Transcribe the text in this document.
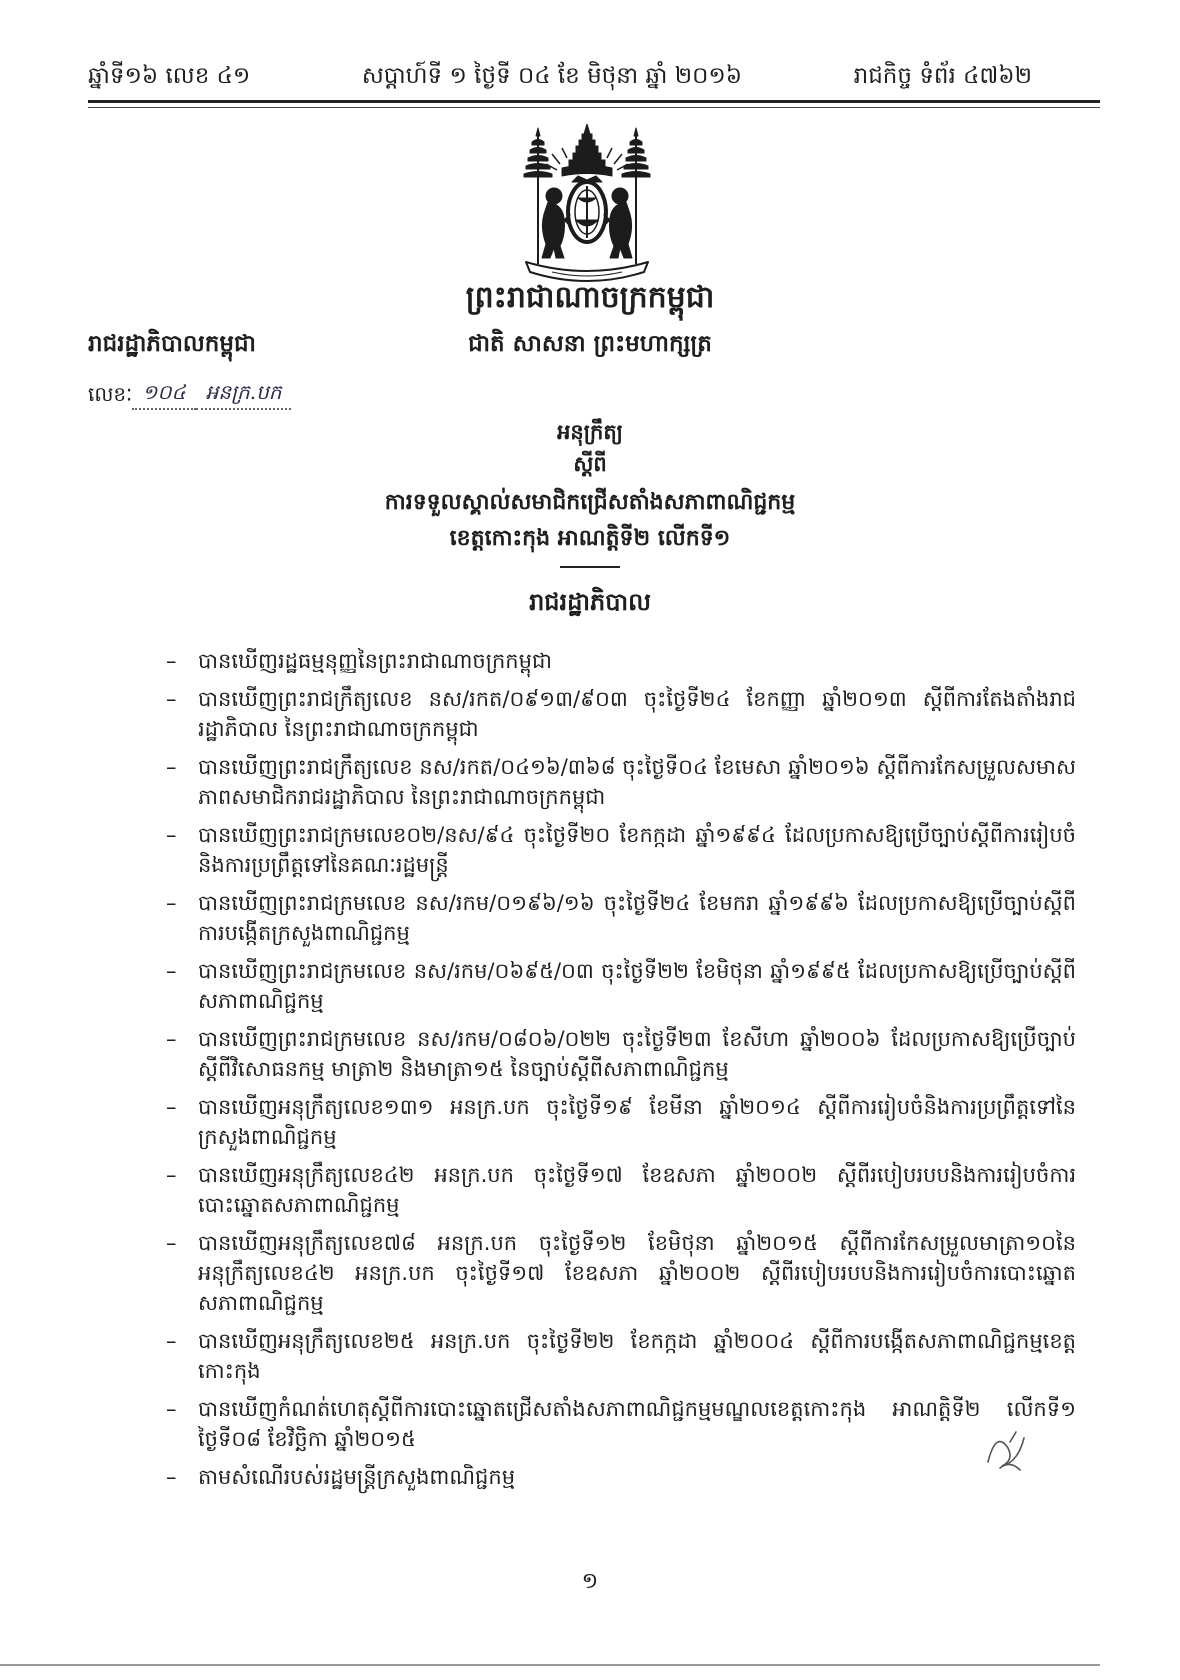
ឆ្នាំទី១៦ លេខ ៤១	សប្តាហ៍ទី ១ ថ្ងៃទី ០៤ ខែ មិថុនា ឆ្នាំ ២០១៦	រាជកិច្ច ទំព័រ ៤៧៦២
ព្រះរាជាណាចក្រកម្ពុជា
ជាតិ សាសនា ព្រះមហាក្សត្រ
រាជរដ្ឋាភិបាលកម្ពុជា
លេខៈ ១០៤	អនក្រ.បក
អនុក្រឹត្យ
ស្តីពី
ការទទួលស្គាល់សមាជិកជ្រើសតាំងសភាពាណិជ្ជកម្ម
ខេត្តកោះកុង អាណត្តិទី២ លើកទី១
រាជរដ្ឋាភិបាល
–	បានឃើញរដ្ឋធម្មនុញ្ញនៃព្រះរាជាណាចក្រកម្ពុជា
–	បានឃើញព្រះរាជក្រឹត្យលេខ នស/រកត/០៩១៣/៩០៣ ចុះថ្ងៃទី២៤ ខែកញ្ញា ឆ្នាំ២០១៣ ស្តីពីការតែងតាំងរាជរដ្ឋាភិបាល នៃព្រះរាជាណាចក្រកម្ពុជា
–	បានឃើញព្រះរាជក្រឹត្យលេខ នស/រកត/០៤១៦/៣៦៨ ចុះថ្ងៃទី០៤ ខែមេសា ឆ្នាំ២០១៦ ស្តីពីការកែសម្រួលសមាសភាពសមាជិករាជរដ្ឋាភិបាល នៃព្រះរាជាណាចក្រកម្ពុជា
–	បានឃើញព្រះរាជក្រមលេខ០២/នស/៩៤ ចុះថ្ងៃទី២០ ខែកក្កដា ឆ្នាំ១៩៩៤ ដែលប្រកាសឱ្យប្រើច្បាប់ស្តីពីការរៀបចំ និងការប្រព្រឹត្តទៅនៃគណៈរដ្ឋមន្ត្រី
–	បានឃើញព្រះរាជក្រមលេខ នស/រកម/០១៩៦/១៦ ចុះថ្ងៃទី២៤ ខែមករា ឆ្នាំ១៩៩៦ ដែលប្រកាសឱ្យប្រើច្បាប់ស្តីពីការបង្កើតក្រសួងពាណិជ្ជកម្ម
–	បានឃើញព្រះរាជក្រមលេខ នស/រកម/០៦៩៥/០៣ ចុះថ្ងៃទី២២ ខែមិថុនា ឆ្នាំ១៩៩៥ ដែលប្រកាសឱ្យប្រើច្បាប់ស្តីពីសភាពាណិជ្ជកម្ម
–	បានឃើញព្រះរាជក្រមលេខ នស/រកម/០៨០៦/០២២ ចុះថ្ងៃទី២៣ ខែសីហា ឆ្នាំ២០០៦ ដែលប្រកាសឱ្យប្រើច្បាប់ស្តីពីវិសោធនកម្ម មាត្រា២ និងមាត្រា១៥ នៃច្បាប់ស្តីពីសភាពាណិជ្ជកម្ម
–	បានឃើញអនុក្រឹត្យលេខ១៣១ អនក្រ.បក ចុះថ្ងៃទី១៩ ខែមីនា ឆ្នាំ២០១៤ ស្តីពីការរៀបចំនិងការប្រព្រឹត្តទៅនៃក្រសួងពាណិជ្ជកម្ម
–	បានឃើញអនុក្រឹត្យលេខ៤២ អនក្រ.បក ចុះថ្ងៃទី១៧ ខែឧសភា ឆ្នាំ២០០២ ស្តីពីរបៀបរបបនិងការរៀបចំការបោះឆ្នោតសភាពាណិជ្ជកម្ម
–	បានឃើញអនុក្រឹត្យលេខ៧៨ អនក្រ.បក ចុះថ្ងៃទី១២ ខែមិថុនា ឆ្នាំ២០១៥ ស្តីពីការកែសម្រួលមាត្រា១០នៃអនុក្រឹត្យលេខ៤២ អនក្រ.បក ចុះថ្ងៃទី១៧ ខែឧសភា ឆ្នាំ២០០២ ស្តីពីរបៀបរបបនិងការរៀបចំការបោះឆ្នោតសភាពាណិជ្ជកម្ម
–	បានឃើញអនុក្រឹត្យលេខ២៥ អនក្រ.បក ចុះថ្ងៃទី២២ ខែកក្កដា ឆ្នាំ២០០៤ ស្តីពីការបង្កើតសភាពាណិជ្ជកម្មខេត្តកោះកុង
–	បានឃើញកំណត់ហេតុស្តីពីការបោះឆ្នោតជ្រើសតាំងសភាពាណិជ្ជកម្មមណ្ឌលខេត្តកោះកុង អាណត្តិទី២ លើកទី១ ថ្ងៃទី០៨ ខែវិច្ឆិកា ឆ្នាំ២០១៥
–	តាមសំណើរបស់រដ្ឋមន្ត្រីក្រសួងពាណិជ្ជកម្ម
១
